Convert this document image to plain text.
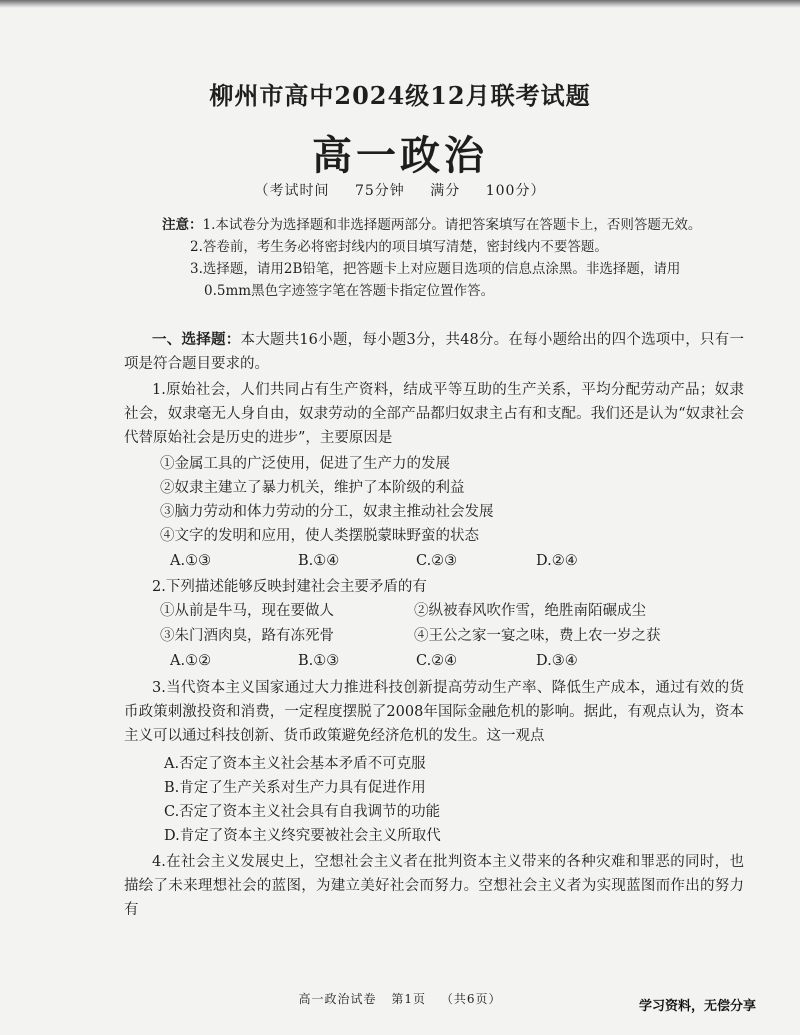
柳州市高中2024级12月联考试题
高一政治
（考试时间 75分钟 满分 100分）
注意：1.本试卷分为选择题和非选择题两部分。请把答案填写在答题卡上，否则答题无效。
2.答卷前，考生务必将密封线内的项目填写清楚，密封线内不要答题。
3.选择题，请用2B铅笔，把答题卡上对应题目选项的信息点涂黑。非选择题，请用
0.5mm黑色字迹签字笔在答题卡指定位置作答。
一、选择题：本大题共16小题，每小题3分，共48分。在每小题给出的四个选项中，只有一项是符合题目要求的。
1.原始社会，人们共同占有生产资料，结成平等互助的生产关系，平均分配劳动产品；奴隶社会，奴隶毫无人身自由，奴隶劳动的全部产品都归奴隶主占有和支配。我们还是认为“奴隶社会代替原始社会是历史的进步”，主要原因是
①金属工具的广泛使用，促进了生产力的发展
②奴隶主建立了暴力机关，维护了本阶级的利益
③脑力劳动和体力劳动的分工，奴隶主推动社会发展
④文字的发明和应用，使人类摆脱蒙昧野蛮的状态
A.①③	B.①④	C.②③	D.②④
2.下列描述能够反映封建社会主要矛盾的有
①从前是牛马，现在要做人	②纵被春风吹作雪，绝胜南陌碾成尘
③朱门酒肉臭，路有冻死骨	④王公之家一宴之味，费上农一岁之获
A.①②	B.①③	C.②④	D.③④
3.当代资本主义国家通过大力推进科技创新提高劳动生产率、降低生产成本，通过有效的货币政策刺激投资和消费，一定程度摆脱了2008年国际金融危机的影响。据此，有观点认为，资本主义可以通过科技创新、货币政策避免经济危机的发生。这一观点
A.否定了资本主义社会基本矛盾不可克服
B.肯定了生产关系对生产力具有促进作用
C.否定了资本主义社会具有自我调节的功能
D.肯定了资本主义终究要被社会主义所取代
4.在社会主义发展史上，空想社会主义者在批判资本主义带来的各种灾难和罪恶的同时，也描绘了未来理想社会的蓝图，为建立美好社会而努力。空想社会主义者为实现蓝图而作出的努力有
高一政治试卷 第1页 （共6页）	学习资料，无偿分享
